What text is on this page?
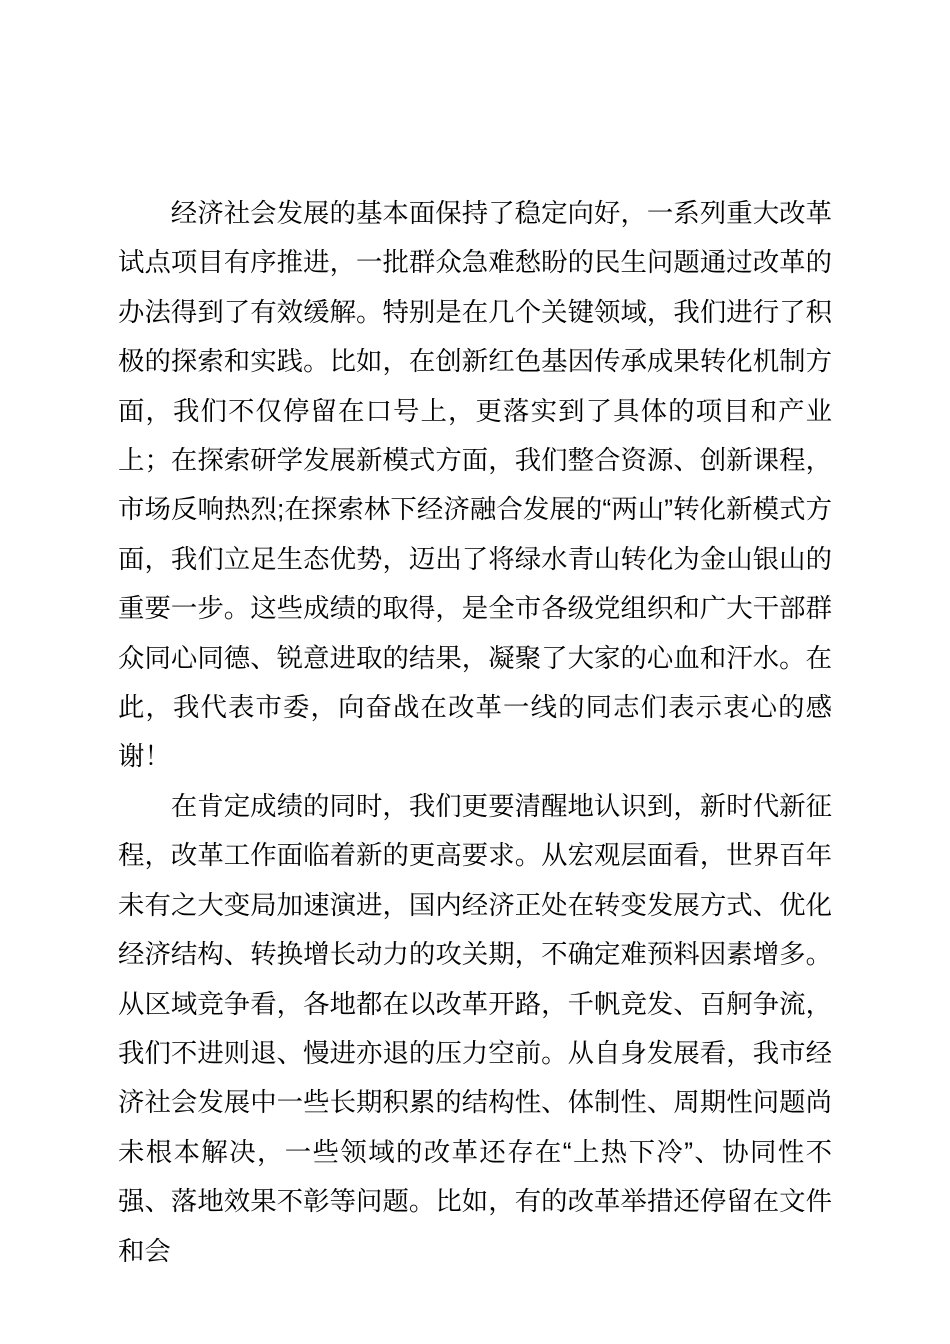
经济社会发展的基本面保持了稳定向好，一系列重大改革试点项目有序推进，一批群众急难愁盼的民生问题通过改革的办法得到了有效缓解。特别是在几个关键领域，我们进行了积极的探索和实践。比如，在创新红色基因传承成果转化机制方面，我们不仅停留在口号上，更落实到了具体的项目和产业上；在探索研学发展新模式方面，我们整合资源、创新课程，市场反响热烈;在探索林下经济融合发展的“两山”转化新模式方面，我们立足生态优势，迈出了将绿水青山转化为金山银山的重要一步。这些成绩的取得，是全市各级党组织和广大干部群众同心同德、锐意进取的结果，凝聚了大家的心血和汗水。在此，我代表市委，向奋战在改革一线的同志们表示衷心的感谢！

在肯定成绩的同时，我们更要清醒地认识到，新时代新征程，改革工作面临着新的更高要求。从宏观层面看，世界百年未有之大变局加速演进，国内经济正处在转变发展方式、优化经济结构、转换增长动力的攻关期，不确定难预料因素增多。从区域竞争看，各地都在以改革开路，千帆竞发、百舸争流，我们不进则退、慢进亦退的压力空前。从自身发展看，我市经济社会发展中一些长期积累的结构性、体制性、周期性问题尚未根本解决，一些领域的改革还存在“上热下冷”、协同性不强、落地效果不彰等问题。比如，有的改革举措还停留在文件和会
